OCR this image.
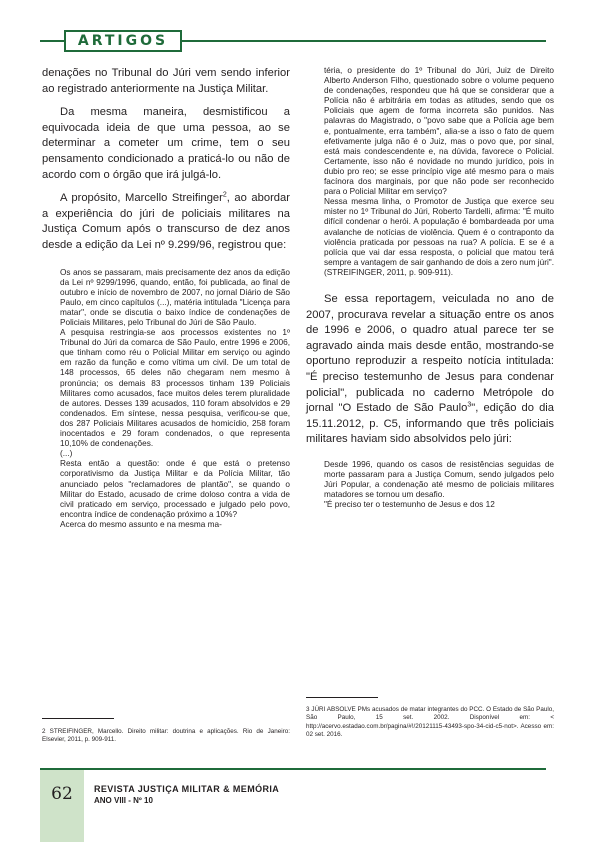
ARTIGOS

denações no Tribunal do Júri vem sendo inferior ao registrado anteriormente na Justiça Militar.

Da mesma maneira, desmistificou a equivocada ideia de que uma pessoa, ao se determinar a cometer um crime, tem o seu pensamento condicionado a praticá-lo ou não de acordo com o órgão que irá julgá-lo.

A propósito, Marcello Streifinger$^2$, ao abordar a experiência do júri de policiais militares na Justiça Comum após o transcurso de dez anos desde a edição da Lei nº 9.299/96, registrou que:

Os anos se passaram, mais precisamente dez anos da edição da Lei nº 9299/1996, quando, então, foi publicada, ao final de outubro e início de novembro de 2007, no jornal Diário de São Paulo, em cinco capítulos (...), matéria intitulada "Licença para matar", onde se discutia o baixo índice de condenações de Policiais Militares, pelo Tribunal do Júri de São Paulo.

A pesquisa restringia-se aos processos existentes no 1º Tribunal do Júri da comarca de São Paulo, entre 1996 e 2006, que tinham como réu o Policial Militar em serviço ou agindo em razão da função e como vítima um civil. De um total de 148 processos, 65 deles não chegaram nem mesmo à pronúncia; os demais 83 processos tinham 139 Policiais Militares como acusados, face muitos deles terem pluralidade de autores. Desses 139 acusados, 110 foram absolvidos e 29 condenados. Em síntese, nessa pesquisa, verificou-se que, dos 287 Policiais Militares acusados de homicídio, 258 foram inocentados e 29 foram condenados, o que representa 10,10% de condenações.

(...)

Resta então a questão: onde é que está o pretenso corporativismo da Justiça Militar e da Polícia Militar, tão anunciado pelos "reclamadores de plantão", se quando o Militar do Estado, acusado de crime doloso contra a vida de civil praticado em serviço, processado e julgado pelo povo, encontra índice de condenação próximo a 10%?

Acerca do mesmo assunto e na mesma ma-

téria, o presidente do 1º Tribunal do Júri, Juiz de Direito Alberto Anderson Filho, questionado sobre o volume pequeno de condenações, respondeu que há que se considerar que a Polícia não é arbitrária em todas as atitudes, sendo que os Policiais que agem de forma incorreta são punidos. Nas palavras do Magistrado, o "povo sabe que a Polícia age bem e, pontualmente, erra também", alia-se a isso o fato de quem efetivamente julga não é o Juiz, mas o povo que, por sinal, está mais condescendente e, na dúvida, favorece o Policial. Certamente, isso não é novidade no mundo jurídico, pois in dubio pro reo; se esse princípio vige até mesmo para o mais facínora dos marginais, por que não pode ser reconhecido para o Policial Militar em serviço?

Nessa mesma linha, o Promotor de Justiça que exerce seu mister no 1º Tribunal do Júri, Roberto Tardelli, afirma: "É muito difícil condenar o herói. A população é bombardeada por uma avalanche de notícias de violência. Quem é o contraponto da violência praticada por pessoas na rua? A polícia. E se é a polícia que vai dar essa resposta, o policial que matou terá sempre a vantagem de sair ganhando de dois a zero num júri". (STREIFINGER, 2011, p. 909-911).

Se essa reportagem, veiculada no ano de 2007, procurava revelar a situação entre os anos de 1996 e 2006, o quadro atual parece ter se agravado ainda mais desde então, mostrando-se oportuno reproduzir a respeito notícia intitulada: "É preciso testemunho de Jesus para condenar policial", publicada no caderno Metrópole do jornal "O Estado de São Paulo$^3$", edição do dia 15.11.2012, p. C5, informando que três policiais militares haviam sido absolvidos pelo júri:

Desde 1996, quando os casos de resistências seguidas de morte passaram para a Justiça Comum, sendo julgados pelo Júri Popular, a condenação até mesmo de policiais militares matadores se tornou um desafio.

"É preciso ter o testemunho de Jesus e dos 12

2 STREIFINGER, Marcello. Direito militar: doutrina e aplicações. Rio de Janeiro: Elsevier, 2011, p. 909-911.
3 JÚRI ABSOLVE PMs acusados de matar integrantes do PCC. O Estado de São Paulo, São Paulo, 15 set. 2002. Disponível em: < http://acervo.estadao.com.br/pagina/#!/20121115-43493-spo-34-cid-c5-not>. Acesso em: 02 set. 2016.
62 REVISTA JUSTIÇA MILITAR & MEMÓRIA
ANO VIII - Nº 10
